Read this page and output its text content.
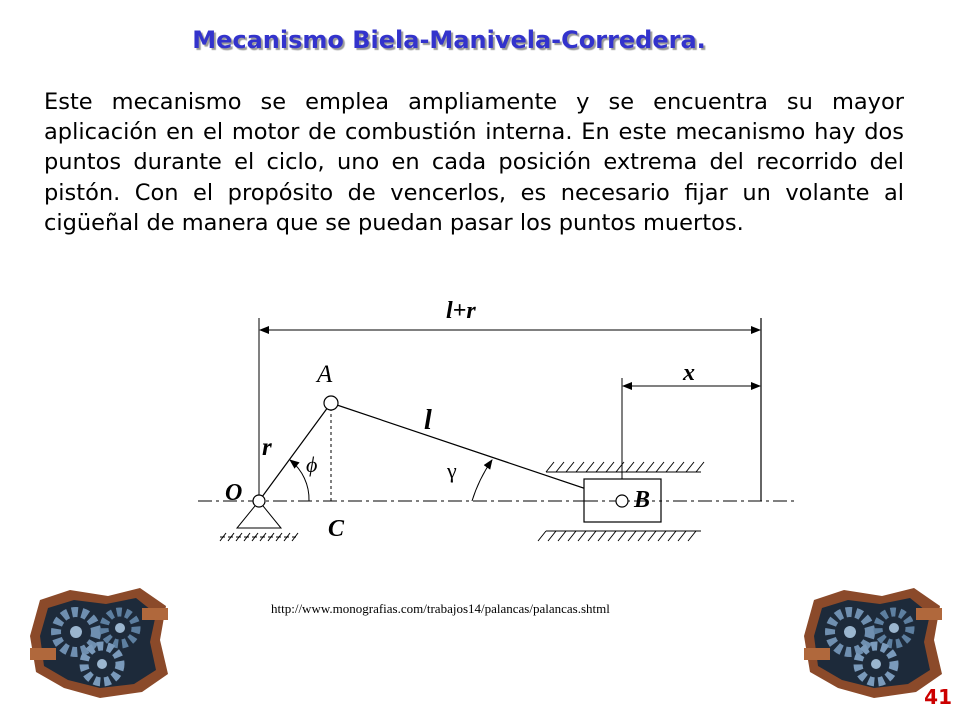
Mecanismo Biela-Manivela-Corredera.
Este mecanismo se emplea ampliamente y se encuentra su mayor aplicación en el motor de combustión interna. En este mecanismo hay dos puntos durante el ciclo, uno en cada posición extrema del recorrido del pistón. Con el propósito de vencerlos, es necesario fijar un volante al cigüeñal de manera que se puedan pasar los puntos muertos.
l+r
x
A
l
r
ϕ	γ
O	B
C
http://www.monografias.com/trabajos14/palancas/palancas.shtml
41
